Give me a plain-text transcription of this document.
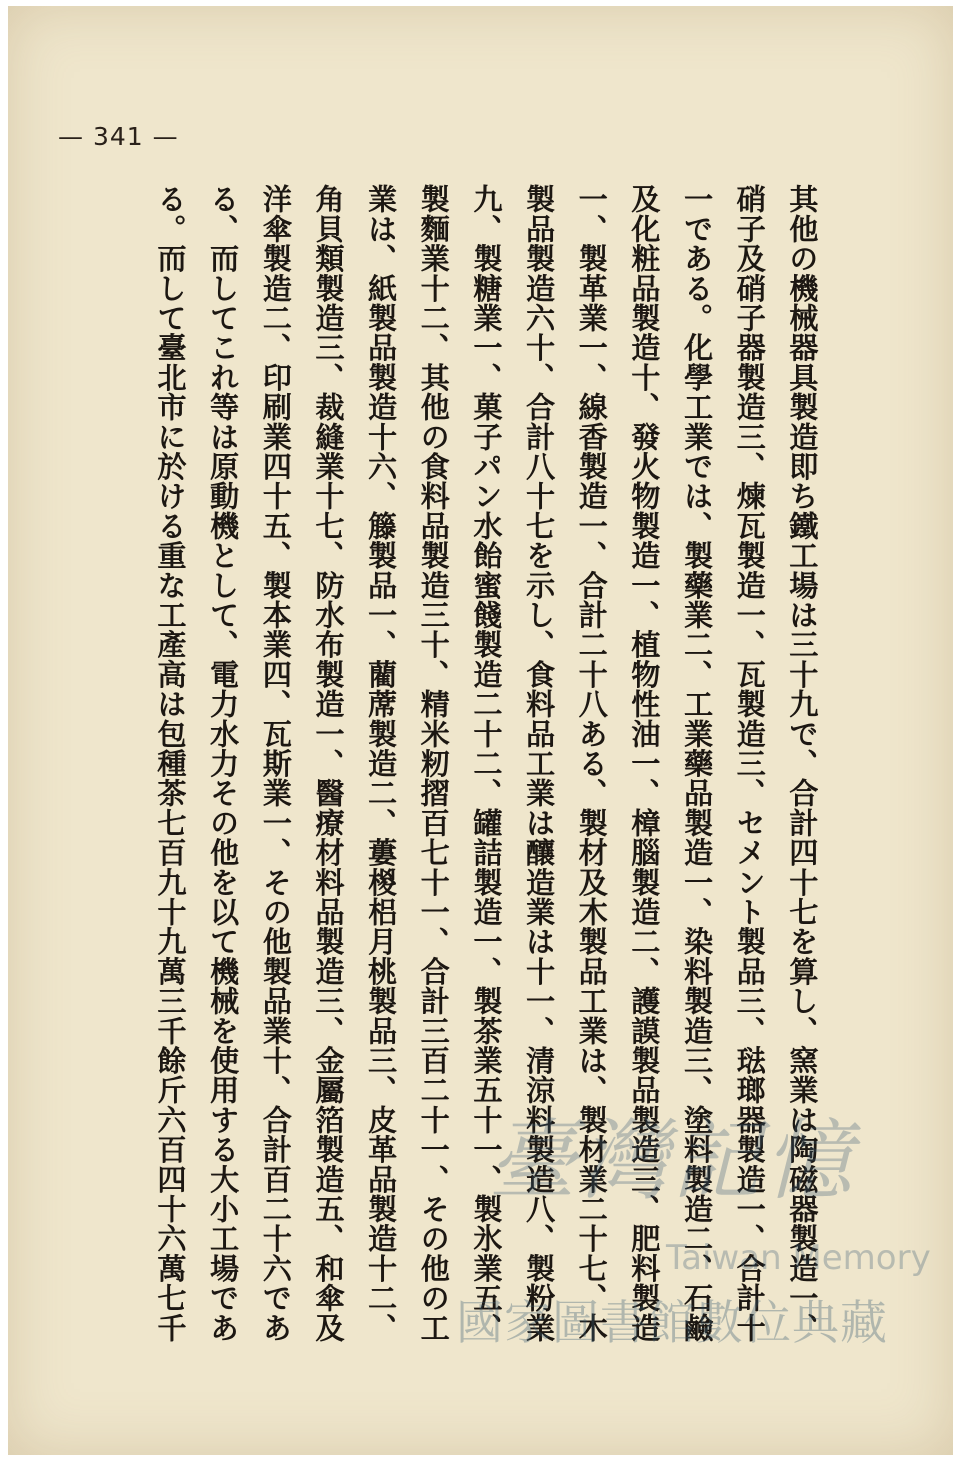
— 341 —
其他の機械器具製造即ち鐵工場は三十九で、合計四十七を算し、窯業は陶磁器製造一、
硝子及硝子器製造三、煉瓦製造一、瓦製造三、セメント製品三、琺瑯器製造一、合計十
一である。化學工業では、製藥業二、工業藥品製造一、染料製造三、塗料製造二、石鹼
及化粧品製造十、發火物製造一、植物性油一、樟腦製造二、護謨製品製造三、肥料製造
一、製革業一、線香製造一、合計二十八ある、製材及木製品工業は、製材業二十七、木
製品製造六十、合計八十七を示し、食料品工業は釀造業は十一、清涼料製造八、製粉業
九、製糖業一、菓子パン水飴蜜餞製造二十二、罐詰製造一、製茶業五十一、製氷業五、
製麵業十二、其他の食料品製造三十、精米籾摺百七十一、合計三百二十一、その他の工
業は、紙製品製造十六、籐製品一、藺蓆製造二、蔞椶梠月桃製品三、皮革品製造十二、
角貝類製造三、裁縫業十七、防水布製造一、醫療材料品製造三、金屬箔製造五、和傘及
洋傘製造二、印刷業四十五、製本業四、瓦斯業一、その他製品業十、合計百二十六であ
る、而してこれ等は原動機として、電力水力その他を以て機械を使用する大小工場であ
る。而して臺北市に於ける重な工產高は包種茶七百九十九萬三千餘斤六百四十六萬七千	臺灣記憶
Taiwan Memory
國家圖書館數位典藏
